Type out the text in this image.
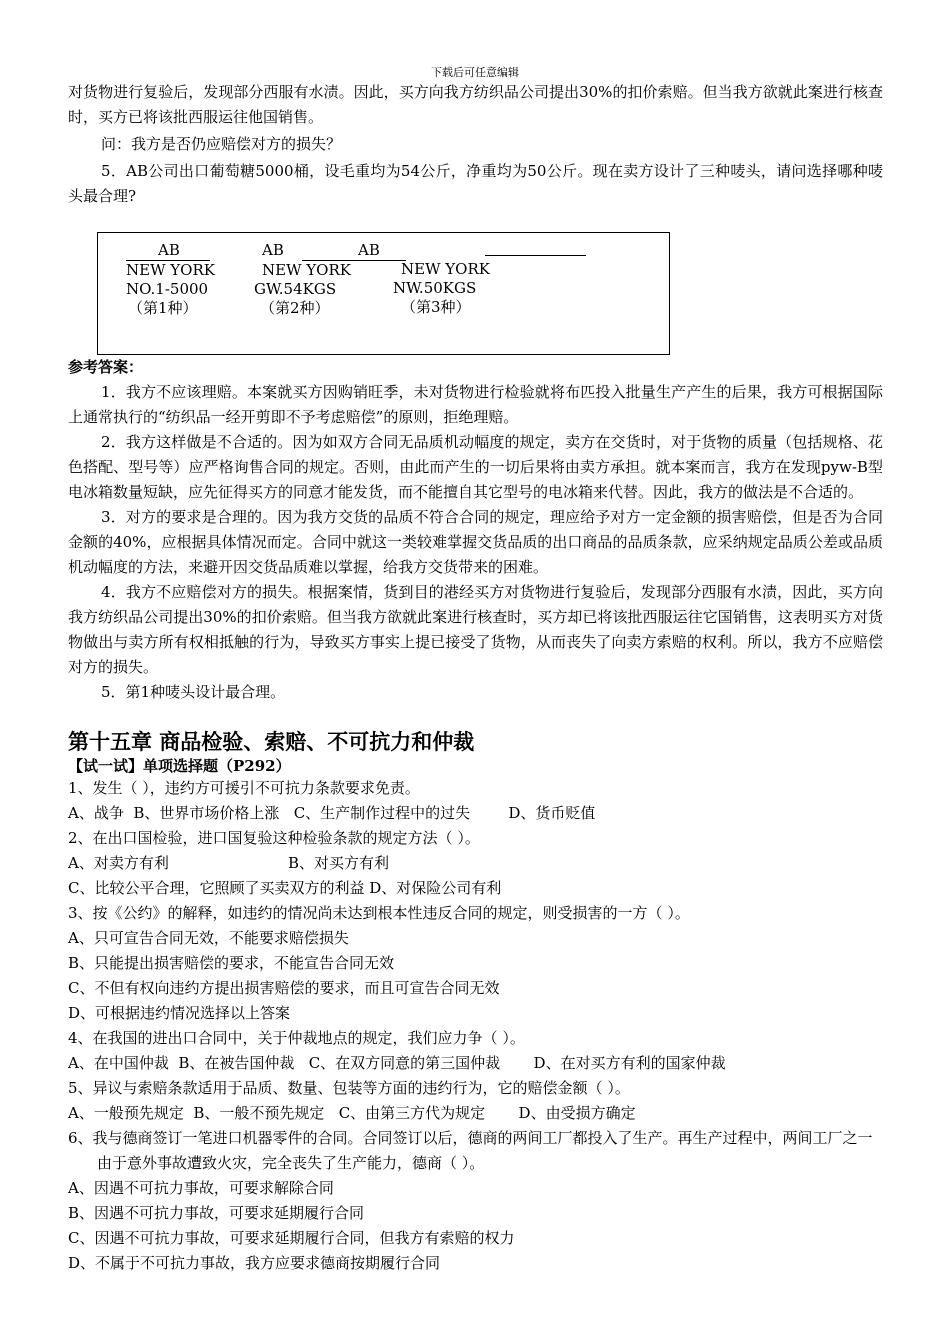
下载后可任意编辑

对货物进行复验后，发现部分西服有水渍。因此，买方向我方纺织品公司提出30%的扣价索赔。但当我方欲就此案进行核查时，买方已将该批西服运往他国销售。

问：我方是否仍应赔偿对方的损失？

5．AB公司出口葡萄糖5000桶，设毛重均为54公斤，净重均为50公斤。现在卖方设计了三种唛头，请问选择哪种唛头最合理?

AB
NEW YORK
NO.1-5000
（第1种）
AB
NEW YORK
GW.54KGS
（第2种）
AB
NEW YORK
NW.50KGS
（第3种）

参考答案：

1．我方不应该理赔。本案就买方因购销旺季，未对货物进行检验就将布匹投入批量生产产生的后果，我方可根据国际上通常执行的“纺织品一经开剪即不予考虑赔偿”的原则，拒绝理赔。

2．我方这样做是不合适的。因为如双方合同无品质机动幅度的规定，卖方在交货时，对于货物的质量（包括规格、花色搭配、型号等）应严格询售合同的规定。否则，由此而产生的一切后果将由卖方承担。就本案而言，我方在发现pyw-B型电冰箱数量短缺，应先征得买方的同意才能发货，而不能擅自其它型号的电冰箱来代替。因此，我方的做法是不合适的。

3．对方的要求是合理的。因为我方交货的品质不符合合同的规定，理应给予对方一定金额的损害赔偿，但是否为合同金额的40%，应根据具体情况而定。合同中就这一类较难掌握交货品质的出口商品的品质条款，应采纳规定品质公差或品质机动幅度的方法，来避开因交货品质难以掌握，给我方交货带来的困难。

4．我方不应赔偿对方的损失。根据案情，货到目的港经买方对货物进行复验后，发现部分西服有水渍，因此，买方向我方纺织品公司提出30%的扣价索赔。但当我方欲就此案进行核查时，买方却已将该批西服运往它国销售，这表明买方对货物做出与卖方所有权相抵触的行为，导致买方事实上提已接受了货物，从而丧失了向卖方索赔的权利。所以，我方不应赔偿对方的损失。

5．第1种唛头设计最合理。

第十五章 商品检验、索赔、不可抗力和仲裁
【试一试】单项选择题（P292）

1、发生（ ），违约方可援引不可抗力条款要求免责。

A、战争  B、世界市场价格上涨   C、生产制作过程中的过失        D、货币贬值

2、在出口国检验，进口国复验这种检验条款的规定方法（ ）。

A、对卖方有利                         B、对买方有利

C、比较公平合理，它照顾了买卖双方的利益 D、对保险公司有利

3、按《公约》的解释，如违约的情况尚未达到根本性违反合同的规定，则受损害的一方（ ）。

A、只可宣告合同无效，不能要求赔偿损失

B、只能提出损害赔偿的要求，不能宣告合同无效

C、不但有权向违约方提出损害赔偿的要求，而且可宣告合同无效

D、可根据违约情况选择以上答案

4、在我国的进出口合同中，关于仲裁地点的规定，我们应力争（ ）。

A、在中国仲裁  B、在被告国仲裁   C、在双方同意的第三国仲裁       D、在对买方有利的国家仲裁

5、异议与索赔条款适用于品质、数量、包装等方面的违约行为，它的赔偿金额（ ）。

A、一般预先规定  B、一般不预先规定   C、由第三方代为规定       D、由受损方确定

6、我与德商签订一笔进口机器零件的合同。合同签订以后，德商的两间工厂都投入了生产。再生产过程中，两间工厂之一由于意外事故遭致火灾，完全丧失了生产能力，德商（ ）。

A、因遇不可抗力事故，可要求解除合同

B、因遇不可抗力事故，可要求延期履行合同

C、因遇不可抗力事故，可要求延期履行合同，但我方有索赔的权力

D、不属于不可抗力事故，我方应要求德商按期履行合同
